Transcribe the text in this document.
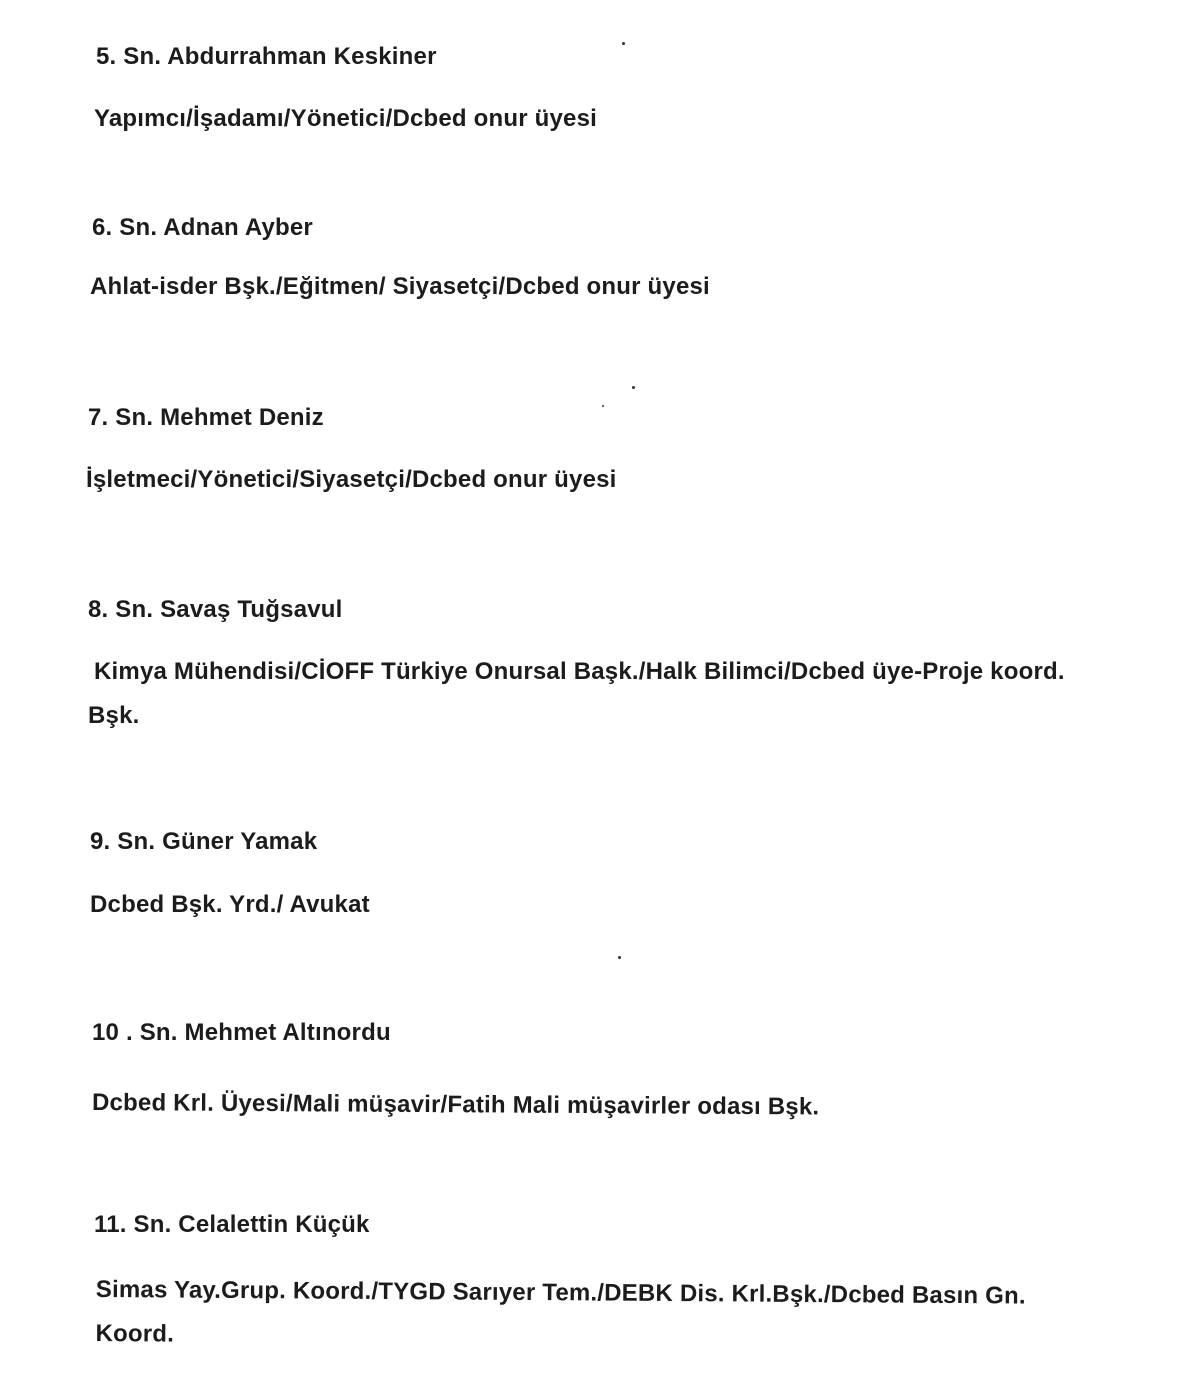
5. Sn. Abdurrahman Keskiner
Yapımcı/İşadamı/Yönetici/Dcbed onur üyesi
6. Sn. Adnan Ayber
Ahlat-isder Bşk./Eğitmen/ Siyasetçi/Dcbed onur üyesi
7. Sn. Mehmet Deniz
İşletmeci/Yönetici/Siyasetçi/Dcbed onur üyesi
8. Sn. Savaş Tuğsavul
Kimya Mühendisi/CİOFF Türkiye Onursal Başk./Halk Bilimci/Dcbed üye-Proje koord. Bşk.
9. Sn. Güner Yamak
Dcbed Bşk. Yrd./ Avukat
10 . Sn. Mehmet Altınordu
Dcbed Krl. Üyesi/Mali müşavir/Fatih Mali müşavirler odası Bşk.
11. Sn. Celalettin Küçük
Simas Yay.Grup. Koord./TYGD Sarıyer Tem./DEBK Dis. Krl.Bşk./Dcbed Basın Gn. Koord.
